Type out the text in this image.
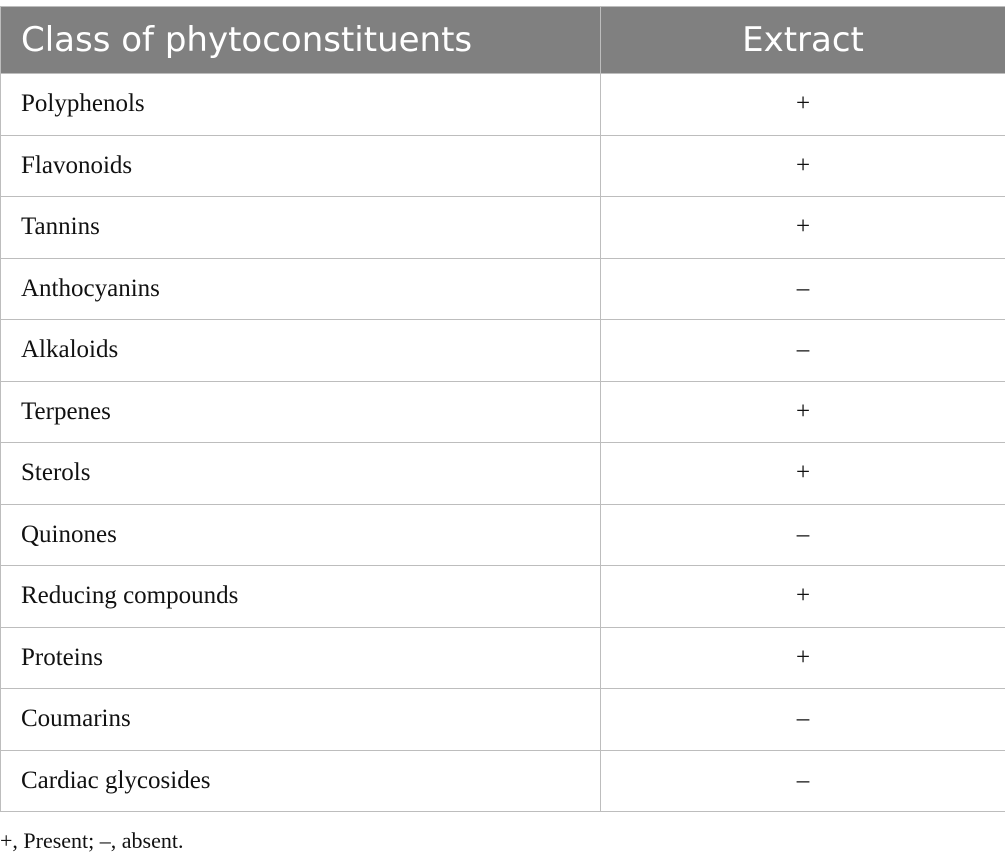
Class of phytoconstituents	Extract
Polyphenols	+
Flavonoids	+
Tannins	+
Anthocyanins	–
Alkaloids	–
Terpenes	+
Sterols	+
Quinones	–
Reducing compounds	+
Proteins	+
Coumarins	–
Cardiac glycosides	–
+, Present; –, absent.
